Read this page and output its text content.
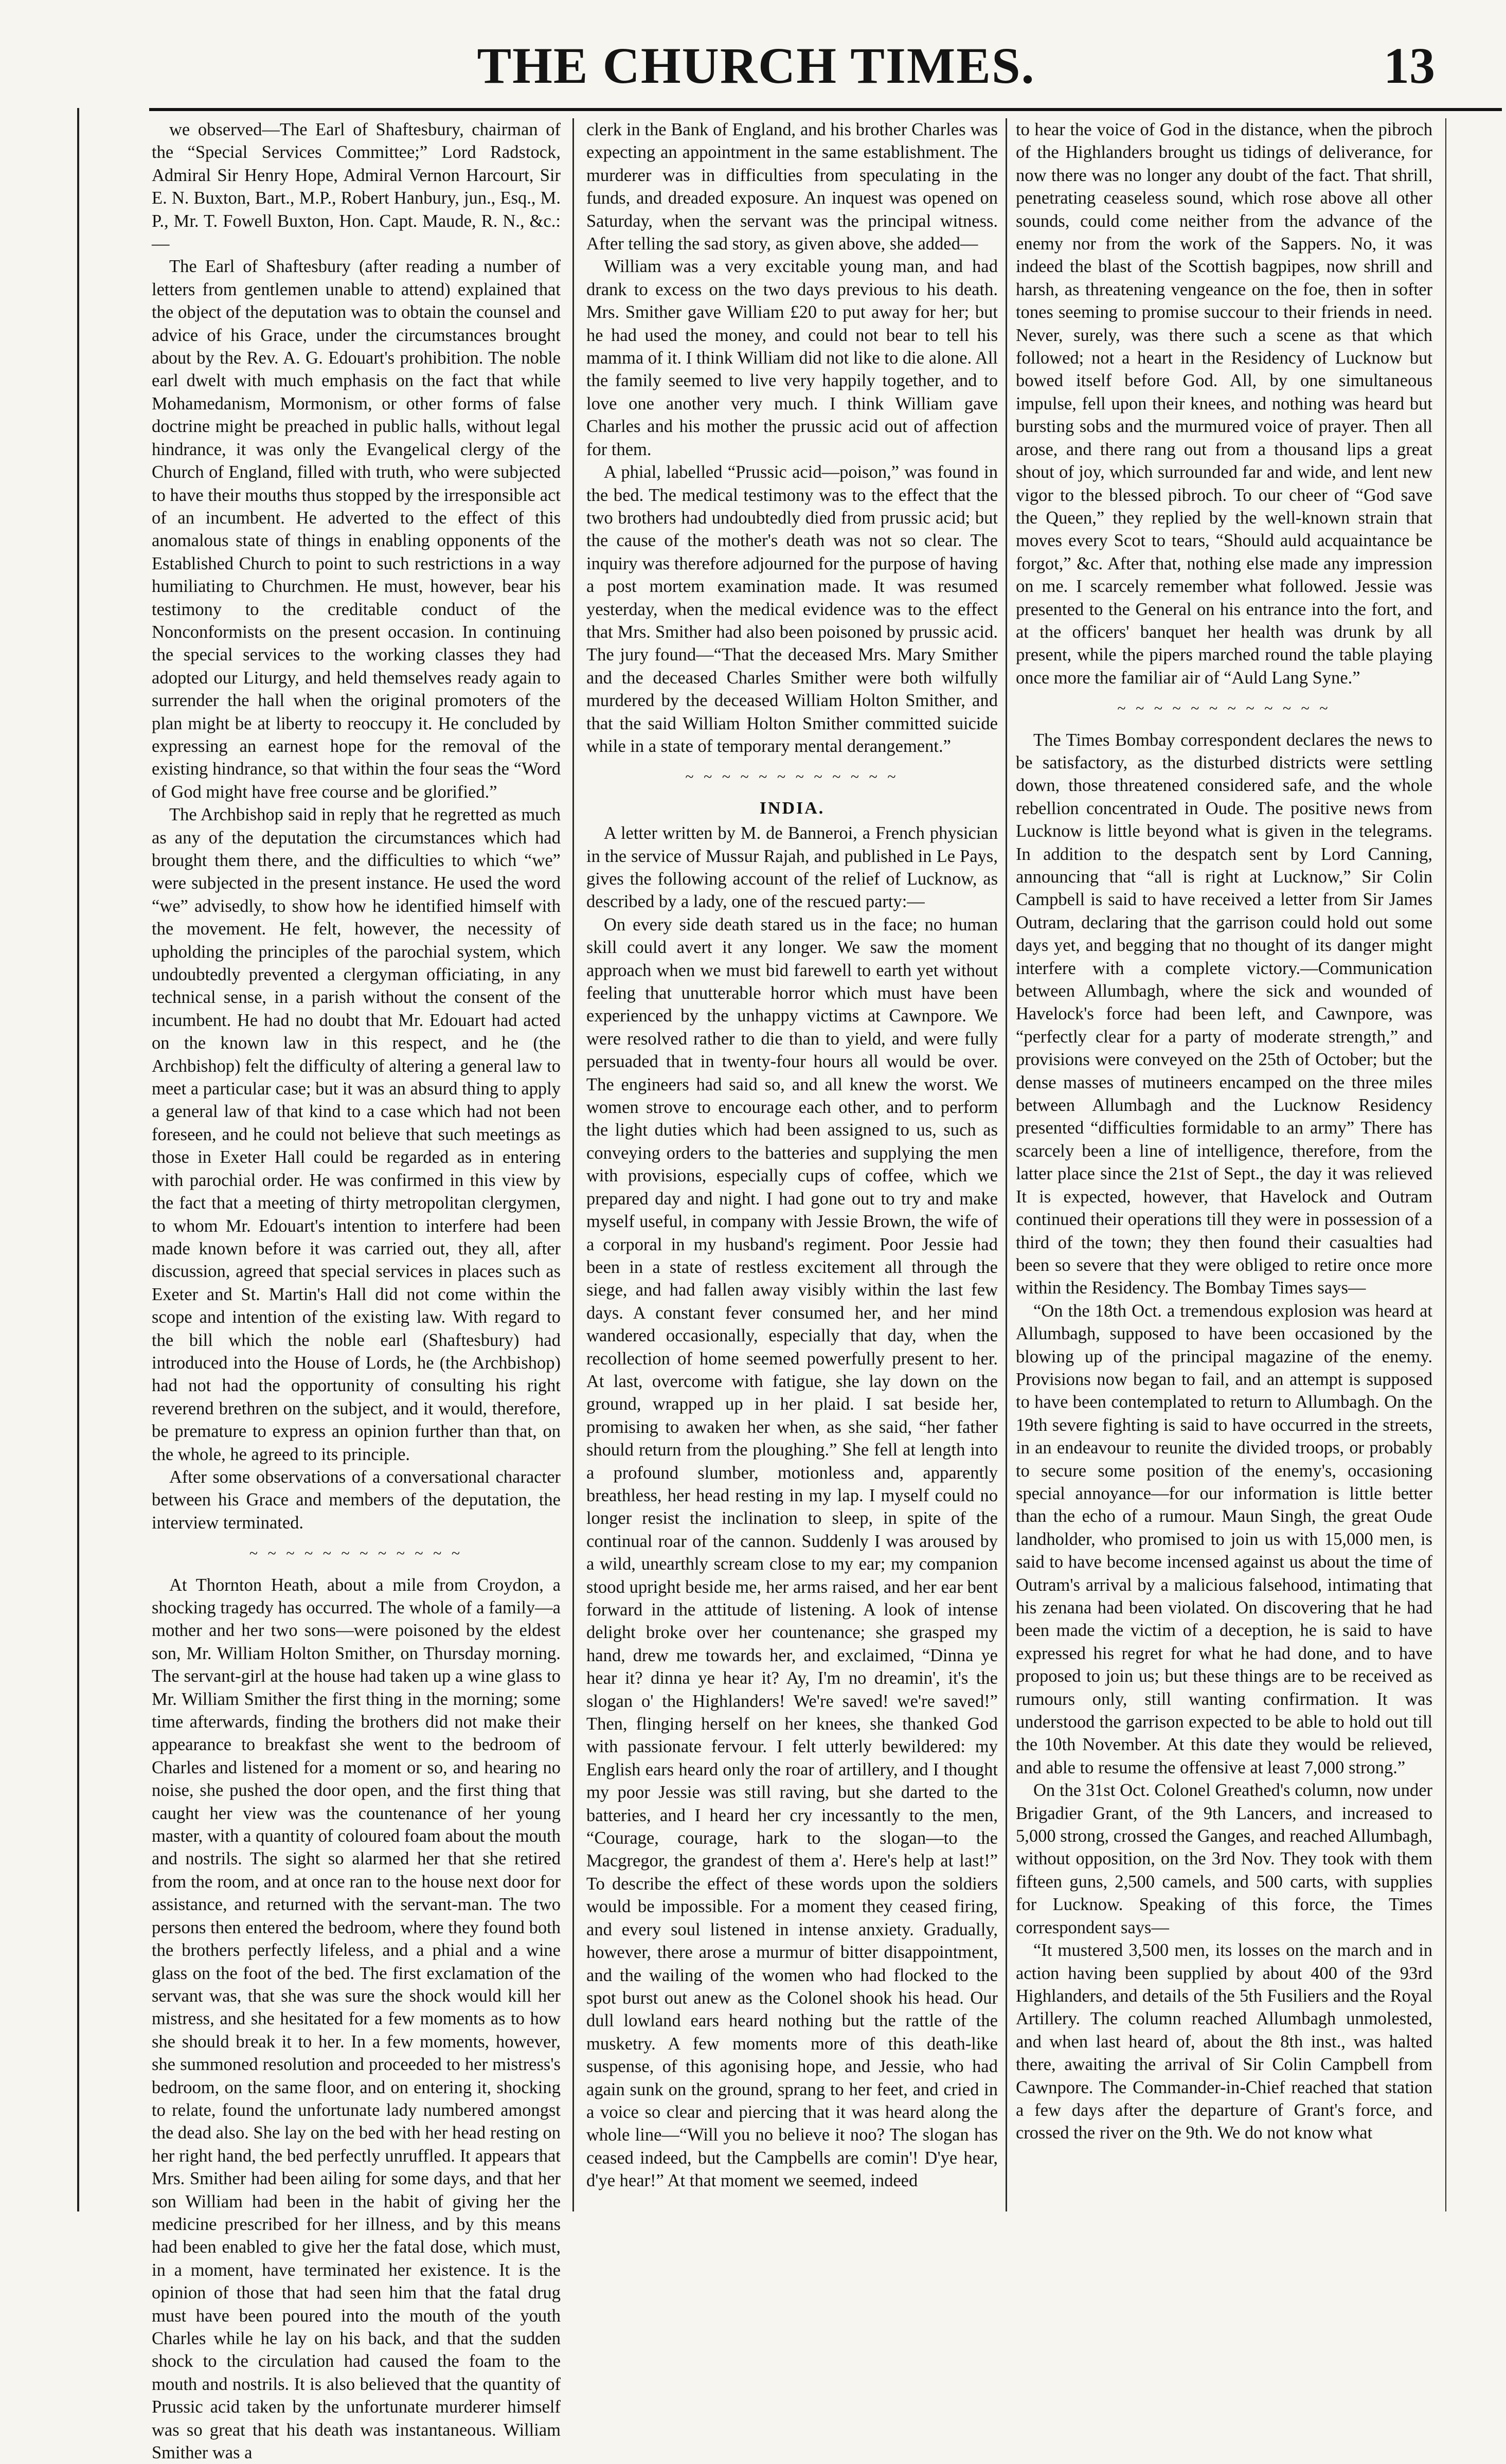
THE CHURCH TIMES.	13

we observed—The Earl of Shaftesbury, chairman of the “Special Services Committee;” Lord Radstock, Admiral Sir Henry Hope, Admiral Vernon Harcourt, Sir E. N. Buxton, Bart., M.P., Robert Hanbury, jun., Esq., M. P., Mr. T. Fowell Buxton, Hon. Capt. Maude, R. N., &c.:—

The Earl of Shaftesbury (after reading a number of letters from gentlemen unable to attend) explained that the object of the deputation was to obtain the counsel and advice of his Grace, under the circumstances brought about by the Rev. A. G. Edouart's prohibition. The noble earl dwelt with much emphasis on the fact that while Mohamedanism, Mormonism, or other forms of false doctrine might be preached in public halls, without legal hindrance, it was only the Evangelical clergy of the Church of England, filled with truth, who were subjected to have their mouths thus stopped by the irresponsible act of an incumbent. He adverted to the effect of this anomalous state of things in enabling opponents of the Established Church to point to such restrictions in a way humiliating to Churchmen. He must, however, bear his testimony to the creditable conduct of the Nonconformists on the present occasion. In continuing the special services to the working classes they had adopted our Liturgy, and held themselves ready again to surrender the hall when the original promoters of the plan might be at liberty to reoccupy it. He concluded by expressing an earnest hope for the removal of the existing hindrance, so that within the four seas the “Word of God might have free course and be glorified.”

The Archbishop said in reply that he regretted as much as any of the deputation the circumstances which had brought them there, and the difficulties to which “we” were subjected in the present instance. He used the word “we” advisedly, to show how he identified himself with the movement. He felt, however, the necessity of upholding the principles of the parochial system, which undoubtedly prevented a clergyman officiating, in any technical sense, in a parish without the consent of the incumbent. He had no doubt that Mr. Edouart had acted on the known law in this respect, and he (the Archbishop) felt the difficulty of altering a general law to meet a particular case; but it was an absurd thing to apply a general law of that kind to a case which had not been foreseen, and he could not believe that such meetings as those in Exeter Hall could be regarded as in entering with parochial order. He was confirmed in this view by the fact that a meeting of thirty metropolitan clergymen, to whom Mr. Edouart's intention to interfere had been made known before it was carried out, they all, after discussion, agreed that special services in places such as Exeter and St. Martin's Hall did not come within the scope and intention of the existing law. With regard to the bill which the noble earl (Shaftesbury) had introduced into the House of Lords, he (the Archbishop) had not had the opportunity of consulting his right reverend brethren on the subject, and it would, therefore, be premature to express an opinion further than that, on the whole, he agreed to its principle.

After some observations of a conversational character between his Grace and members of the deputation, the interview terminated.

~ ~ ~ ~ ~ ~ ~ ~ ~ ~ ~ ~

At Thornton Heath, about a mile from Croydon, a shocking tragedy has occurred. The whole of a family—a mother and her two sons—were poisoned by the eldest son, Mr. William Holton Smither, on Thursday morning. The servant-girl at the house had taken up a wine glass to Mr. William Smither the first thing in the morning; some time afterwards, finding the brothers did not make their appearance to breakfast she went to the bedroom of Charles and listened for a moment or so, and hearing no noise, she pushed the door open, and the first thing that caught her view was the countenance of her young master, with a quantity of coloured foam about the mouth and nostrils. The sight so alarmed her that she retired from the room, and at once ran to the house next door for assistance, and returned with the servant-man. The two persons then entered the bedroom, where they found both the brothers perfectly lifeless, and a phial and a wine glass on the foot of the bed. The first exclamation of the servant was, that she was sure the shock would kill her mistress, and she hesitated for a few moments as to how she should break it to her. In a few moments, however, she summoned resolution and proceeded to her mistress's bedroom, on the same floor, and on entering it, shocking to relate, found the unfortunate lady numbered amongst the dead also. She lay on the bed with her head resting on her right hand, the bed perfectly unruffled. It appears that Mrs. Smither had been ailing for some days, and that her son William had been in the habit of giving her the medicine prescribed for her illness, and by this means had been enabled to give her the fatal dose, which must, in a moment, have terminated her existence. It is the opinion of those that had seen him that the fatal drug must have been poured into the mouth of the youth Charles while he lay on his back, and that the sudden shock to the circulation had caused the foam to the mouth and nostrils. It is also believed that the quantity of Prussic acid taken by the unfortunate murderer himself was so great that his death was instantaneous. William Smither was a

clerk in the Bank of England, and his brother Charles was expecting an appointment in the same establishment. The murderer was in difficulties from speculating in the funds, and dreaded exposure. An inquest was opened on Saturday, when the servant was the principal witness. After telling the sad story, as given above, she added—

William was a very excitable young man, and had drank to excess on the two days previous to his death. Mrs. Smither gave William £20 to put away for her; but he had used the money, and could not bear to tell his mamma of it. I think William did not like to die alone. All the family seemed to live very happily together, and to love one another very much. I think William gave Charles and his mother the prussic acid out of affection for them.

A phial, labelled “Prussic acid—poison,” was found in the bed. The medical testimony was to the effect that the two brothers had undoubtedly died from prussic acid; but the cause of the mother's death was not so clear. The inquiry was therefore adjourned for the purpose of having a post mortem examination made. It was resumed yesterday, when the medical evidence was to the effect that Mrs. Smither had also been poisoned by prussic acid. The jury found—“That the deceased Mrs. Mary Smither and the deceased Charles Smither were both wilfully murdered by the deceased William Holton Smither, and that the said William Holton Smither committed suicide while in a state of temporary mental derangement.”

~ ~ ~ ~ ~ ~ ~ ~ ~ ~ ~ ~
INDIA.

A letter written by M. de Banneroi, a French physician in the service of Mussur Rajah, and published in Le Pays, gives the following account of the relief of Lucknow, as described by a lady, one of the rescued party:—

On every side death stared us in the face; no human skill could avert it any longer. We saw the moment approach when we must bid farewell to earth yet without feeling that unutterable horror which must have been experienced by the unhappy victims at Cawnpore. We were resolved rather to die than to yield, and were fully persuaded that in twenty-four hours all would be over. The engineers had said so, and all knew the worst. We women strove to encourage each other, and to perform the light duties which had been assigned to us, such as conveying orders to the batteries and supplying the men with provisions, especially cups of coffee, which we prepared day and night. I had gone out to try and make myself useful, in company with Jessie Brown, the wife of a corporal in my husband's regiment. Poor Jessie had been in a state of restless excitement all through the siege, and had fallen away visibly within the last few days. A constant fever consumed her, and her mind wandered occasionally, especially that day, when the recollection of home seemed powerfully present to her. At last, overcome with fatigue, she lay down on the ground, wrapped up in her plaid. I sat beside her, promising to awaken her when, as she said, “her father should return from the ploughing.” She fell at length into a profound slumber, motionless and, apparently breathless, her head resting in my lap. I myself could no longer resist the inclination to sleep, in spite of the continual roar of the cannon. Suddenly I was aroused by a wild, unearthly scream close to my ear; my companion stood upright beside me, her arms raised, and her ear bent forward in the attitude of listening. A look of intense delight broke over her countenance; she grasped my hand, drew me towards her, and exclaimed, “Dinna ye hear it? dinna ye hear it? Ay, I'm no dreamin', it's the slogan o' the Highlanders! We're saved! we're saved!” Then, flinging herself on her knees, she thanked God with passionate fervour. I felt utterly bewildered: my English ears heard only the roar of artillery, and I thought my poor Jessie was still raving, but she darted to the batteries, and I heard her cry incessantly to the men, “Courage, courage, hark to the slogan—to the Macgregor, the grandest of them a'. Here's help at last!” To describe the effect of these words upon the soldiers would be impossible. For a moment they ceased firing, and every soul listened in intense anxiety. Gradually, however, there arose a murmur of bitter disappointment, and the wailing of the women who had flocked to the spot burst out anew as the Colonel shook his head. Our dull lowland ears heard nothing but the rattle of the musketry. A few moments more of this death-like suspense, of this agonising hope, and Jessie, who had again sunk on the ground, sprang to her feet, and cried in a voice so clear and piercing that it was heard along the whole line—“Will you no believe it noo? The slogan has ceased indeed, but the Campbells are comin'! D'ye hear, d'ye hear!” At that moment we seemed, indeed

to hear the voice of God in the distance, when the pibroch of the Highlanders brought us tidings of deliverance, for now there was no longer any doubt of the fact. That shrill, penetrating ceaseless sound, which rose above all other sounds, could come neither from the advance of the enemy nor from the work of the Sappers. No, it was indeed the blast of the Scottish bagpipes, now shrill and harsh, as threatening vengeance on the foe, then in softer tones seeming to promise succour to their friends in need. Never, surely, was there such a scene as that which followed; not a heart in the Residency of Lucknow but bowed itself before God. All, by one simultaneous impulse, fell upon their knees, and nothing was heard but bursting sobs and the murmured voice of prayer. Then all arose, and there rang out from a thousand lips a great shout of joy, which surrounded far and wide, and lent new vigor to the blessed pibroch. To our cheer of “God save the Queen,” they replied by the well-known strain that moves every Scot to tears, “Should auld acquaintance be forgot,” &c. After that, nothing else made any impression on me. I scarcely remember what followed. Jessie was presented to the General on his entrance into the fort, and at the officers' banquet her health was drunk by all present, while the pipers marched round the table playing once more the familiar air of “Auld Lang Syne.”

~ ~ ~ ~ ~ ~ ~ ~ ~ ~ ~ ~

The Times Bombay correspondent declares the news to be satisfactory, as the disturbed districts were settling down, those threatened considered safe, and the whole rebellion concentrated in Oude. The positive news from Lucknow is little beyond what is given in the telegrams. In addition to the despatch sent by Lord Canning, announcing that “all is right at Lucknow,” Sir Colin Campbell is said to have received a letter from Sir James Outram, declaring that the garrison could hold out some days yet, and begging that no thought of its danger might interfere with a complete victory.—Communication between Allumbagh, where the sick and wounded of Havelock's force had been left, and Cawnpore, was “perfectly clear for a party of moderate strength,” and provisions were conveyed on the 25th of October; but the dense masses of mutineers encamped on the three miles between Allumbagh and the Lucknow Residency presented “difficulties formidable to an army” There has scarcely been a line of intelligence, therefore, from the latter place since the 21st of Sept., the day it was relieved It is expected, however, that Havelock and Outram continued their operations till they were in possession of a third of the town; they then found their casualties had been so severe that they were obliged to retire once more within the Residency. The Bombay Times says—

“On the 18th Oct. a tremendous explosion was heard at Allumbagh, supposed to have been occasioned by the blowing up of the principal magazine of the enemy. Provisions now began to fail, and an attempt is supposed to have been contemplated to return to Allumbagh. On the 19th severe fighting is said to have occurred in the streets, in an endeavour to reunite the divided troops, or probably to secure some position of the enemy's, occasioning special annoyance—for our information is little better than the echo of a rumour. Maun Singh, the great Oude landholder, who promised to join us with 15,000 men, is said to have become incensed against us about the time of Outram's arrival by a malicious falsehood, intimating that his zenana had been violated. On discovering that he had been made the victim of a deception, he is said to have expressed his regret for what he had done, and to have proposed to join us; but these things are to be received as rumours only, still wanting confirmation. It was understood the garrison expected to be able to hold out till the 10th November. At this date they would be relieved, and able to resume the offensive at least 7,000 strong.”

On the 31st Oct. Colonel Greathed's column, now under Brigadier Grant, of the 9th Lancers, and increased to 5,000 strong, crossed the Ganges, and reached Allumbagh, without opposition, on the 3rd Nov. They took with them fifteen guns, 2,500 camels, and 500 carts, with supplies for Lucknow. Speaking of this force, the Times correspondent says—

“It mustered 3,500 men, its losses on the march and in action having been supplied by about 400 of the 93rd Highlanders, and details of the 5th Fusiliers and the Royal Artillery. The column reached Allumbagh unmolested, and when last heard of, about the 8th inst., was halted there, awaiting the arrival of Sir Colin Campbell from Cawnpore. The Commander-in-Chief reached that station a few days after the departure of Grant's force, and crossed the river on the 9th. We do not know what
